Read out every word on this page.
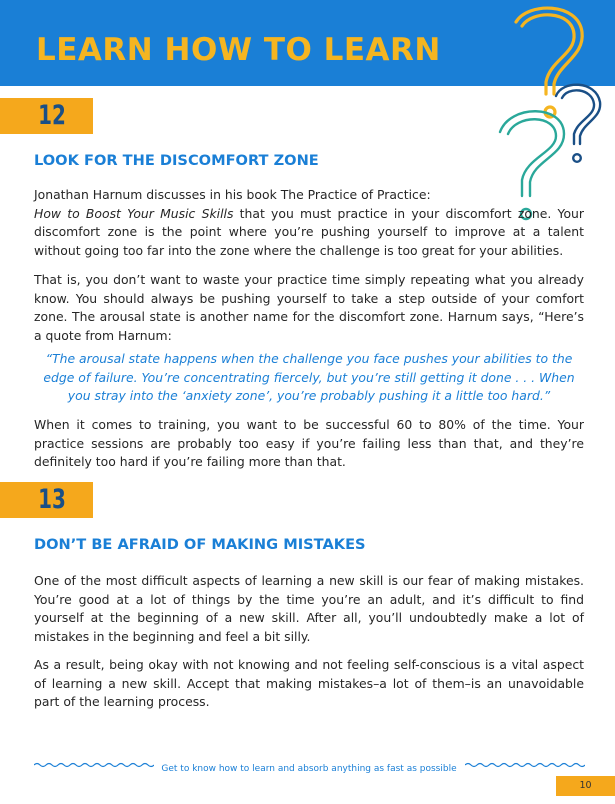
LEARN HOW TO LEARN
12
LOOK FOR THE DISCOMFORT ZONE

Jonathan Harnum discusses in his book The Practice of Practice:
How to Boost Your Music Skills that you must practice in your discomfort zone. Your discomfort zone is the point where you’re pushing yourself to improve at a talent without going too far into the zone where the challenge is too great for your abilities.

That is, you don’t want to waste your practice time simply repeating what you already know. You should always be pushing yourself to take a step outside of your comfort zone. The arousal state is another name for the discomfort zone. Harnum says, “Here’s a quote from Harnum:

“The arousal state happens when the challenge you face pushes your abilities to the edge of failure. You’re concentrating fiercely, but you’re still getting it done . . . When you stray into the ‘anxiety zone’, you’re probably pushing it a little too hard.”

When it comes to training, you want to be successful 60 to 80% of the time. Your practice sessions are probably too easy if you’re failing less than that, and they’re definitely too hard if you’re failing more than that.

13
DON’T BE AFRAID OF MAKING MISTAKES

One of the most difficult aspects of learning a new skill is our fear of making mistakes. You’re good at a lot of things by the time you’re an adult, and it’s difficult to find yourself at the beginning of a new skill. After all, you’ll undoubtedly make a lot of mistakes in the beginning and feel a bit silly.

As a result, being okay with not knowing and not feeling self-conscious is a vital aspect of learning a new skill. Accept that making mistakes–a lot of them–is an unavoidable part of the learning process.

Get to know how to learn and absorb anything as fast as possible
10
